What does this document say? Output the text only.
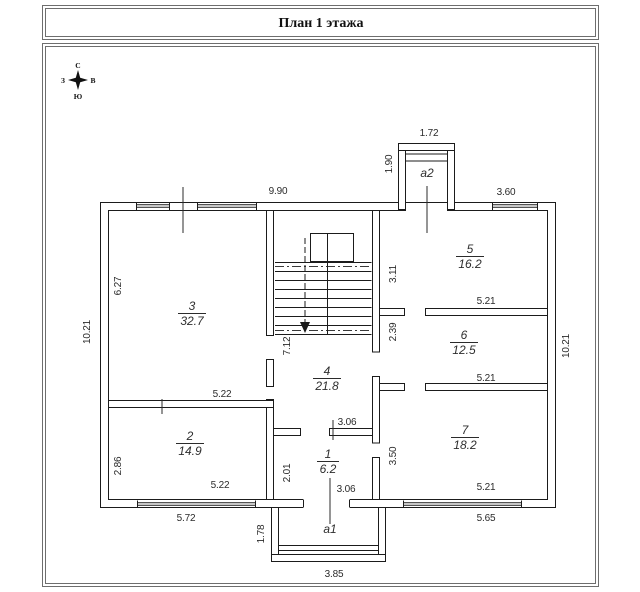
План 1 этажа
С
В
Ю
З
3
32.7
2
14.9
4
21.8
1
6.2
5
16.2
6
12.5
7
18.2
a2
a1
9.90	3.60
1.72
1.90
10.21
10.21
6.27
5.22
2.86
5.22
5.72
7.12
3.06
2.01
3.06
1.78
3.85
3.11
5.21
2.39
5.21
3.50
5.21
5.65
